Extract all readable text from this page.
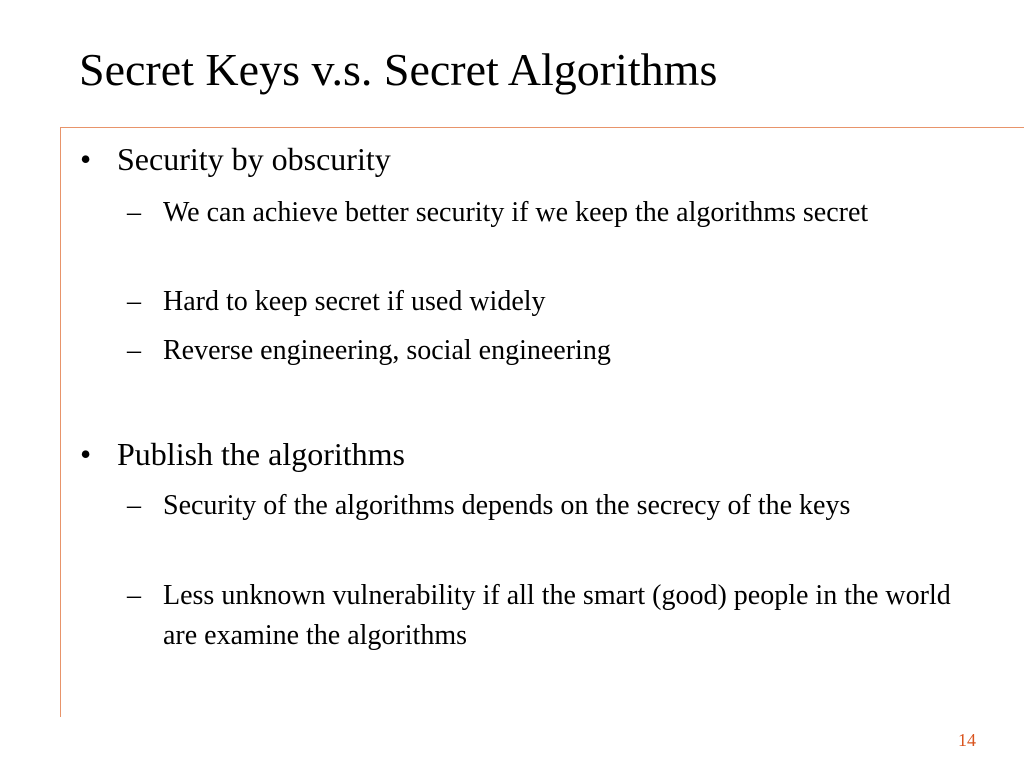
Secret Keys v.s. Secret Algorithms
• Security by obscurity
– We can achieve better security if we keep the algorithms secret
– Hard to keep secret if used widely
– Reverse engineering, social engineering
• Publish the algorithms
– Security of the algorithms depends on the secrecy of the keys
– Less unknown vulnerability if all the smart (good) people in the world are examine the algorithms
14
